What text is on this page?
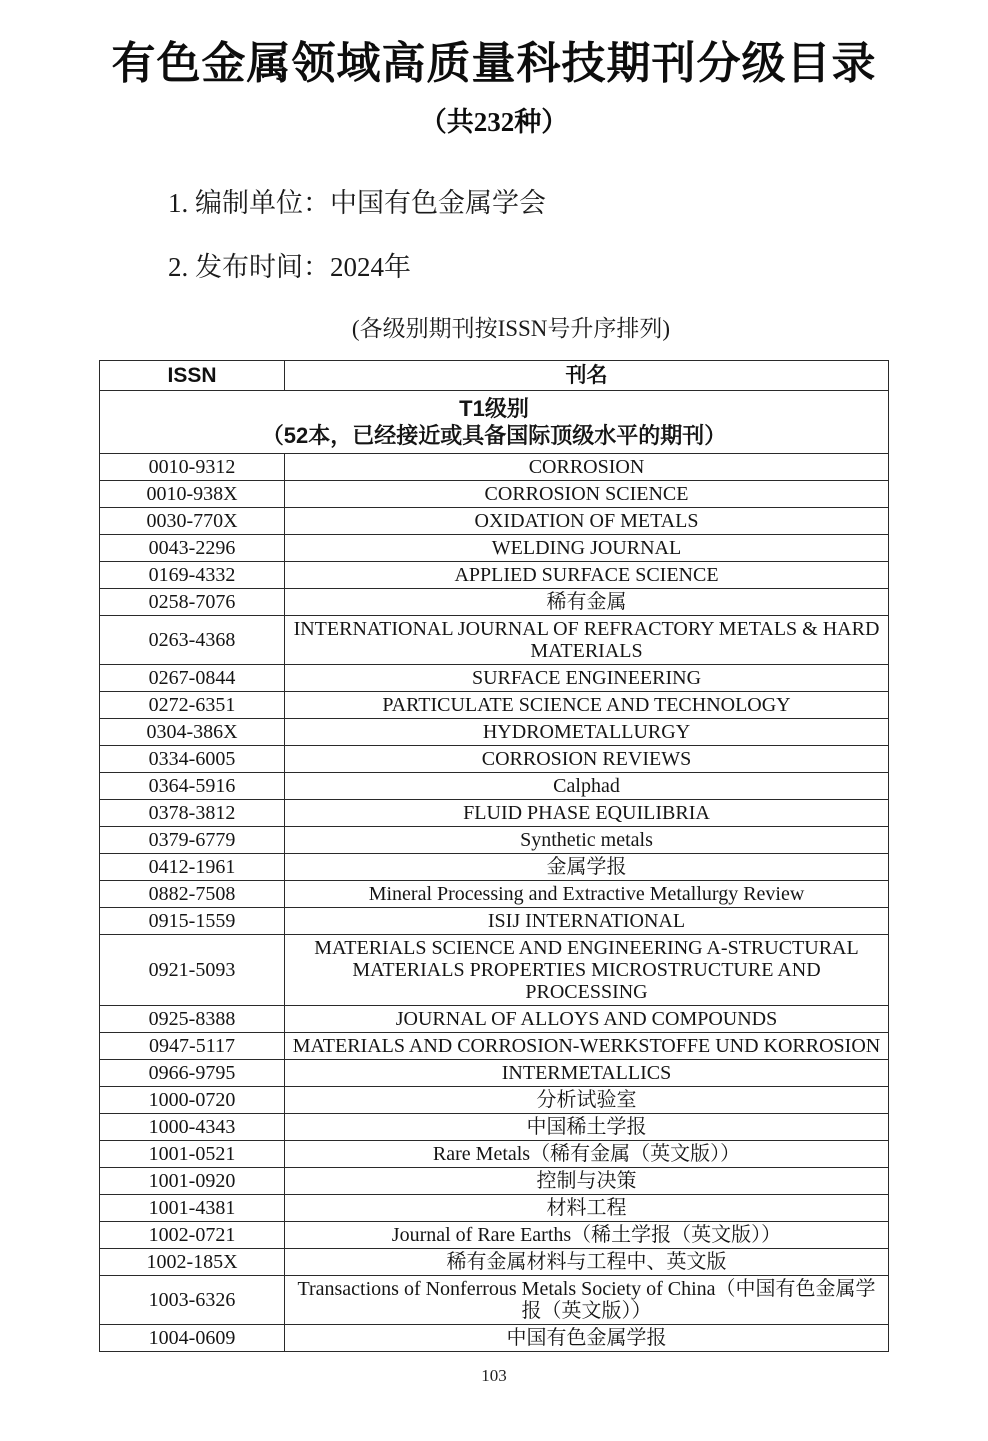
有色金属领域高质量科技期刊分级目录
（共232种）
1. 编制单位：中国有色金属学会
2. 发布时间：2024年
(各级别期刊按ISSN号升序排列)
ISSN	刊名

T1级别
（52本，已经接近或具备国际顶级水平的期刊）	

0010-9312	CORROSION
0010-938X	CORROSION SCIENCE
0030-770X	OXIDATION OF METALS
0043-2296	WELDING JOURNAL
0169-4332	APPLIED SURFACE SCIENCE
0258-7076	稀有金属
0263-4368	INTERNATIONAL JOURNAL OF REFRACTORY METALS & HARD MATERIALS
0267-0844	SURFACE ENGINEERING
0272-6351	PARTICULATE SCIENCE AND TECHNOLOGY
0304-386X	HYDROMETALLURGY
0334-6005	CORROSION REVIEWS
0364-5916	Calphad
0378-3812	FLUID PHASE EQUILIBRIA
0379-6779	Synthetic metals
0412-1961	金属学报
0882-7508	Mineral Processing and Extractive Metallurgy Review
0915-1559	ISIJ INTERNATIONAL
0921-5093	MATERIALS SCIENCE AND ENGINEERING A-STRUCTURAL MATERIALS PROPERTIES MICROSTRUCTURE AND PROCESSING
0925-8388	JOURNAL OF ALLOYS AND COMPOUNDS
0947-5117	MATERIALS AND CORROSION-WERKSTOFFE UND KORROSION
0966-9795	INTERMETALLICS
1000-0720	分析试验室
1000-4343	中国稀土学报
1001-0521	Rare Metals（稀有金属（英文版））
1001-0920	控制与决策
1001-4381	材料工程
1002-0721	Journal of Rare Earths（稀土学报（英文版））
1002-185X	稀有金属材料与工程中、英文版
1003-6326	Transactions of Nonferrous Metals Society of China（中国有色金属学报（英文版））
1004-0609	中国有色金属学报
103
